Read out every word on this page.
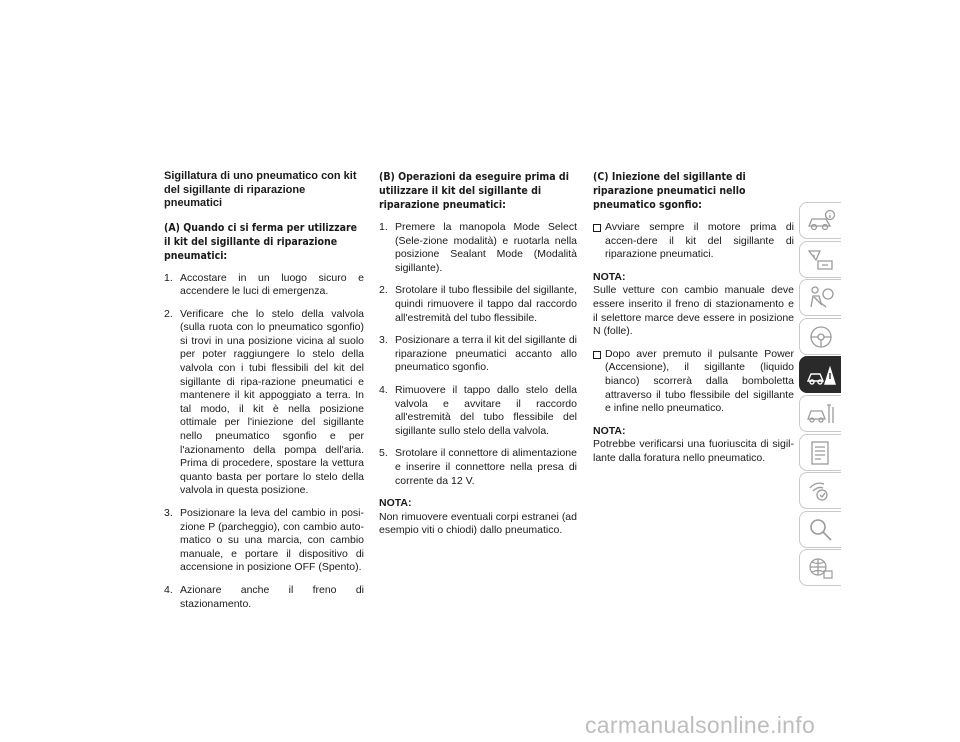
Sigillatura di uno pneumatico con kit del sigillante di riparazione pneumatici
(A) Quando ci si ferma per utilizzare il kit del sigillante di riparazione pneumatici:
1. Accostare in un luogo sicuro e accendere le luci di emergenza.
2. Verificare che lo stelo della valvola (sulla ruota con lo pneumatico sgonfio) si trovi in una posizione vicina al suolo per poter raggiungere lo stelo della valvola con i tubi flessibili del kit del sigillante di ripa-razione pneumatici e mantenere il kit appoggiato a terra. In tal modo, il kit è nella posizione ottimale per l'iniezione del sigillante nello pneumatico sgonfio e per l'azionamento della pompa dell'aria. Prima di procedere, spostare la vettura quanto basta per portare lo stelo della valvola in questa posizione.
3. Posizionare la leva del cambio in posi-zione P (parcheggio), con cambio auto-matico o su una marcia, con cambio manuale, e portare il dispositivo di accensione in posizione OFF (Spento).
4. Azionare anche il freno di stazionamento.
(B) Operazioni da eseguire prima di utilizzare il kit del sigillante di riparazione pneumatici:
1. Premere la manopola Mode Select (Sele-zione modalità) e ruotarla nella posizione Sealant Mode (Modalità sigillante).
2. Srotolare il tubo flessibile del sigillante, quindi rimuovere il tappo dal raccordo all'estremità del tubo flessibile.
3. Posizionare a terra il kit del sigillante di riparazione pneumatici accanto allo pneumatico sgonfio.
4. Rimuovere il tappo dallo stelo della valvola e avvitare il raccordo all'estremità del tubo flessibile del sigillante sullo stelo della valvola.
5. Srotolare il connettore di alimentazione e inserire il connettore nella presa di corrente da 12 V.

NOTA:

Non rimuovere eventuali corpi estranei (ad esempio viti o chiodi) dallo pneumatico.

(C) Iniezione del sigillante di riparazione pneumatici nello pneumatico sgonfio:
Avviare sempre il motore prima di accen-dere il kit del sigillante di riparazione pneumatici.

NOTA:

Sulle vetture con cambio manuale deve essere inserito il freno di stazionamento e il selettore marce deve essere in posizione N (folle).

Dopo aver premuto il pulsante Power (Accensione), il sigillante (liquido bianco) scorrerà dalla bomboletta attraverso il tubo flessibile del sigillante e infine nello pneumatico.

NOTA:

Potrebbe verificarsi una fuoriuscita di sigil-lante dalla foratura nello pneumatico.

carmanualsonline.info
